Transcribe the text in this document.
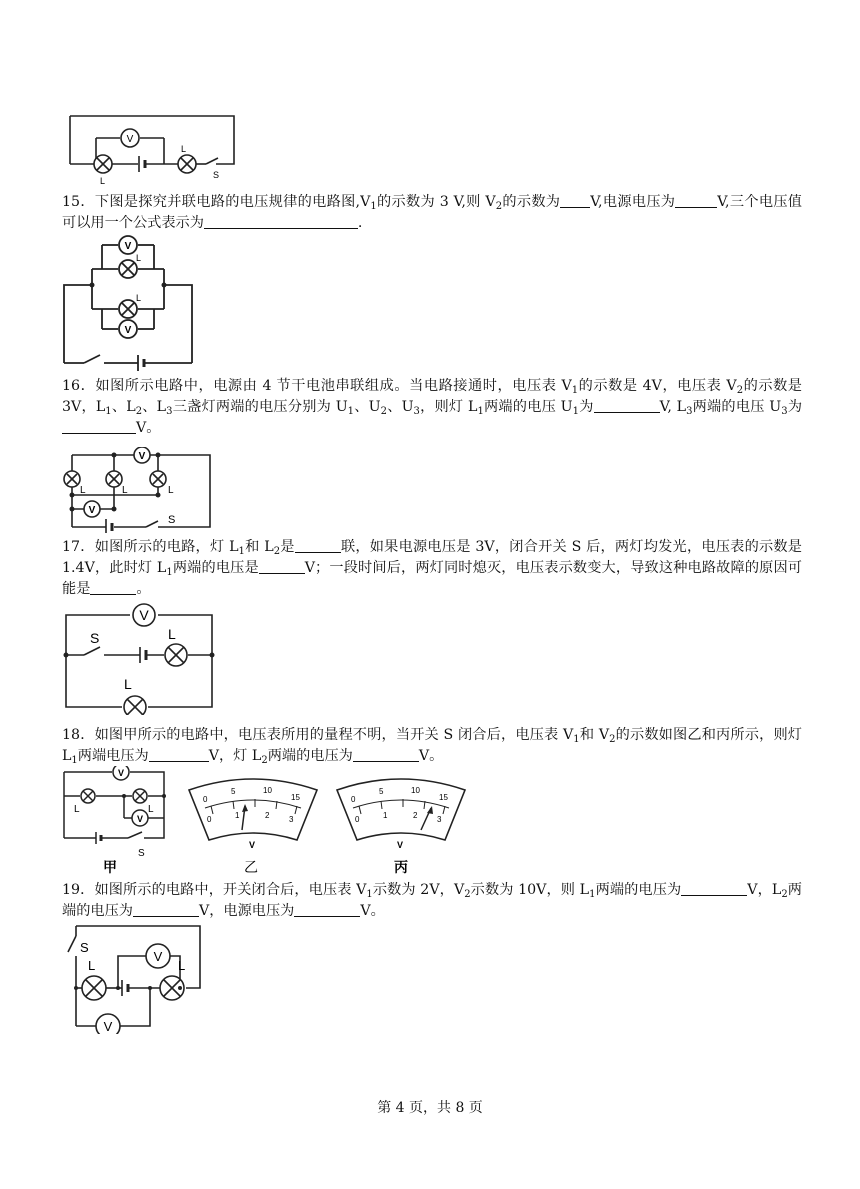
V
L
L
S
15．下图是探究并联电路的电压规律的电路图$,V_1$的示数为 3 V,则 $V_2$的示数为 V,电源电压为	V,三个电压值可以用一个公式表示为	.
V
V
L
L
16．如图所示电路中，电源由 4 节干电池串联组成。当电路接通时，电压表 $V_1$的示数是 4V，电压表 $V_2$的示数是 3V，$L_1$、$L_2$、$L_3$三盏灯两端的电压分别为 $U_1$、$U_2$、$U_3$，则灯 $L_1$两端的电压 $U_1$为	V, $L_3$两端的电压 $U_3$为V。
V
V
L	L	L
S
17．如图所示的电路，灯 $L_1$和 $L_2$是	联，如果电源电压是 3V，闭合开关 S 后，两灯均发光，电压表的示数是 1.4V，此时灯 $L_1$两端的电压是	V；一段时间后，两灯同时熄灭，电压表示数变大，导致这种电路故障的原因可能是	。
V
S	L
L
18．如图甲所示的电路中，电压表所用的量程不明，当开关 S 闭合后，电压表 $V_1$和 $V_2$的示数如图乙和丙所示，则灯 $L_1$两端电压为	V，灯 $L_2$两端的电压为	V。
V
V
L	L
S
甲
0
5	10
15
0	1	2 3
V
乙
0
5	10
15
0	1	2 3
V
丙
19．如图所示的电路中，开关闭合后，电压表 $V_1$示数为 2V，$V_2$示数为 10V，则 $L_1$两端的电压为	V，$L_2$两端的电压为	V，电源电压为	V。
S
V
V
L	L
第 4 页，共 8 页
